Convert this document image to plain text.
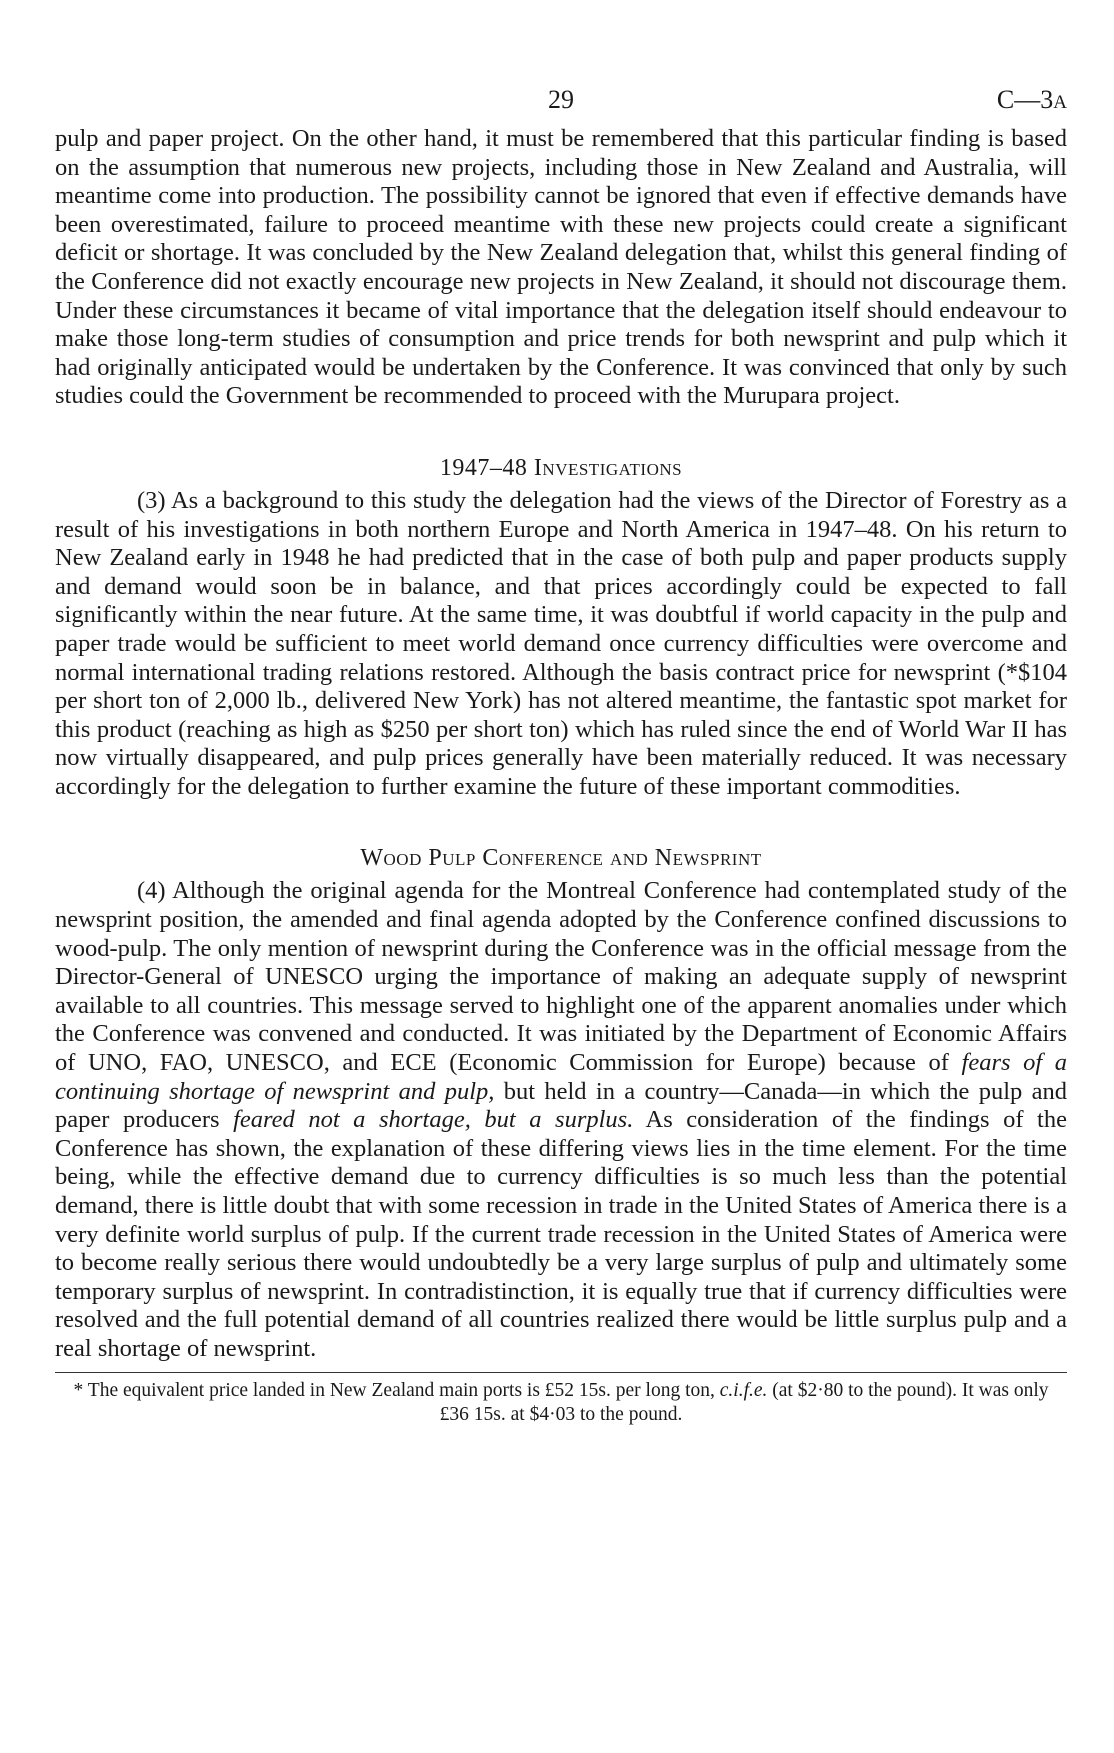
29	C—3A

pulp and paper project. On the other hand, it must be remembered that this particular finding is based on the assumption that numerous new projects, including those in New Zealand and Australia, will meantime come into production. The possibility cannot be ignored that even if effective demands have been overestimated, failure to proceed meantime with these new projects could create a significant deficit or shortage. It was concluded by the New Zealand delegation that, whilst this general finding of the Conference did not exactly encourage new projects in New Zealand, it should not discourage them. Under these circumstances it became of vital importance that the delegation itself should endeavour to make those long-term studies of consumption and price trends for both newsprint and pulp which it had originally anticipated would be undertaken by the Conference. It was convinced that only by such studies could the Government be recommended to proceed with the Murupara project.

1947–48 Investigations

(3) As a background to this study the delegation had the views of the Director of Forestry as a result of his investigations in both northern Europe and North America in 1947–48. On his return to New Zealand early in 1948 he had predicted that in the case of both pulp and paper products supply and demand would soon be in balance, and that prices accordingly could be expected to fall significantly within the near future. At the same time, it was doubtful if world capacity in the pulp and paper trade would be sufficient to meet world demand once currency difficulties were overcome and normal international trading relations restored. Although the basis contract price for newsprint (*$104 per short ton of 2,000 lb., delivered New York) has not altered meantime, the fantastic spot market for this product (reaching as high as $250 per short ton) which has ruled since the end of World War II has now virtually disappeared, and pulp prices generally have been materially reduced. It was necessary accordingly for the delegation to further examine the future of these important commodities.

Wood Pulp Conference and Newsprint

(4) Although the original agenda for the Montreal Conference had contemplated study of the newsprint position, the amended and final agenda adopted by the Conference confined discussions to wood-pulp. The only mention of newsprint during the Conference was in the official message from the Director-General of UNESCO urging the importance of making an adequate supply of newsprint available to all countries. This message served to highlight one of the apparent anomalies under which the Conference was convened and conducted. It was initiated by the Department of Economic Affairs of UNO, FAO, UNESCO, and ECE (Economic Commission for Europe) because of fears of a continuing shortage of newsprint and pulp, but held in a country—Canada—in which the pulp and paper producers feared not a shortage, but a surplus. As consideration of the findings of the Conference has shown, the explanation of these differing views lies in the time element. For the time being, while the effective demand due to currency difficulties is so much less than the potential demand, there is little doubt that with some recession in trade in the United States of America there is a very definite world surplus of pulp. If the current trade recession in the United States of America were to become really serious there would undoubtedly be a very large surplus of pulp and ultimately some temporary surplus of newsprint. In contradistinction, it is equally true that if currency difficulties were resolved and the full potential demand of all countries realized there would be little surplus pulp and a real shortage of newsprint.

* The equivalent price landed in New Zealand main ports is £52 15s. per long ton, c.i.f.e. (at $2·80 to the pound). It was only £36 15s. at $4·03 to the pound.
